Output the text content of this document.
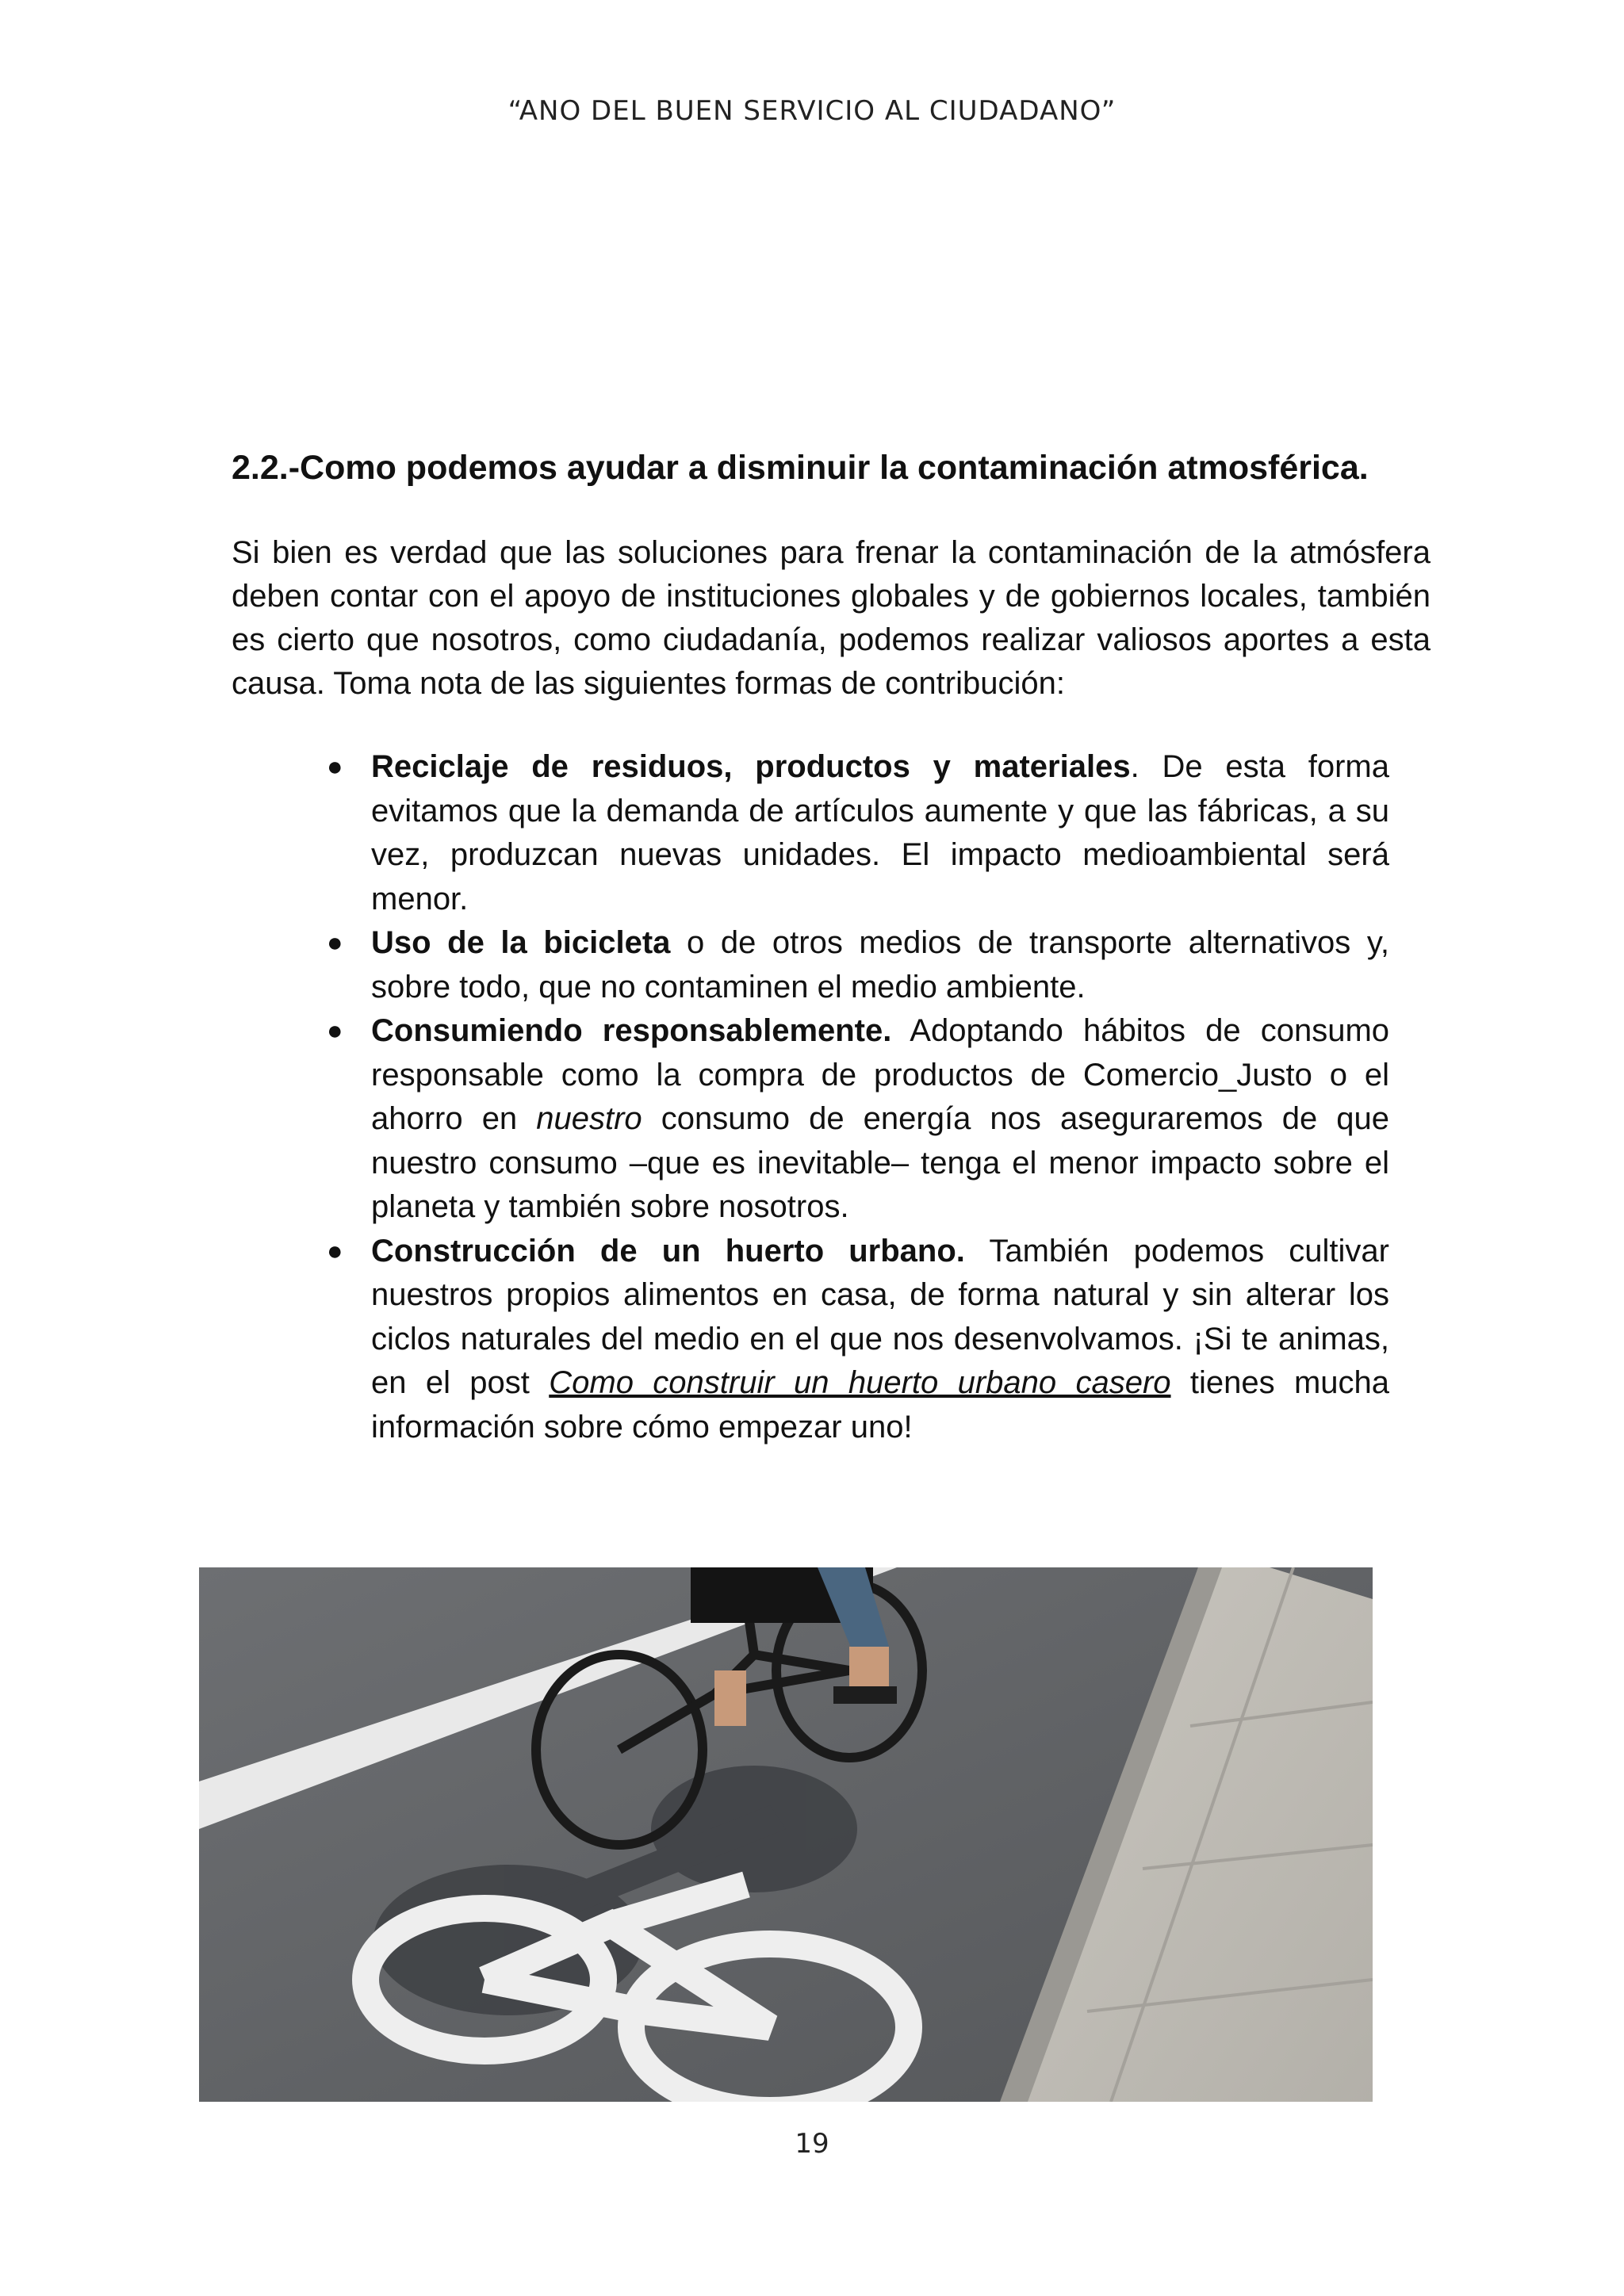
“ANO DEL BUEN SERVICIO AL CIUDADANO”
2.2.-Como podemos ayudar a disminuir la contaminación atmosférica.

Si bien es verdad que las soluciones para frenar la contaminación de la atmósfera deben contar con el apoyo de instituciones globales y de gobiernos locales, también es cierto que nosotros, como ciudadanía, podemos realizar valiosos aportes a esta causa. Toma nota de las siguientes formas de contribución:

● Reciclaje de residuos, productos y materiales. De esta forma evitamos que la demanda de artículos aumente y que las fábricas, a su vez, produzcan nuevas unidades. El impacto medioambiental será menor.
● Uso de la bicicleta o de otros medios de transporte alternativos y, sobre todo, que no contaminen el medio ambiente.
● Consumiendo responsablemente. Adoptando hábitos de consumo responsable como la compra de productos de Comercio_Justo o el ahorro en nuestro consumo de energía nos aseguraremos de que nuestro consumo –que es inevitable– tenga el menor impacto sobre el planeta y también sobre nosotros.
● Construcción de un huerto urbano. También podemos cultivar nuestros propios alimentos en casa, de forma natural y sin alterar los ciclos naturales del medio en el que nos desenvolvamos. ¡Si te animas, en el post Como construir un huerto urbano casero tienes mucha información sobre cómo empezar uno!
19
